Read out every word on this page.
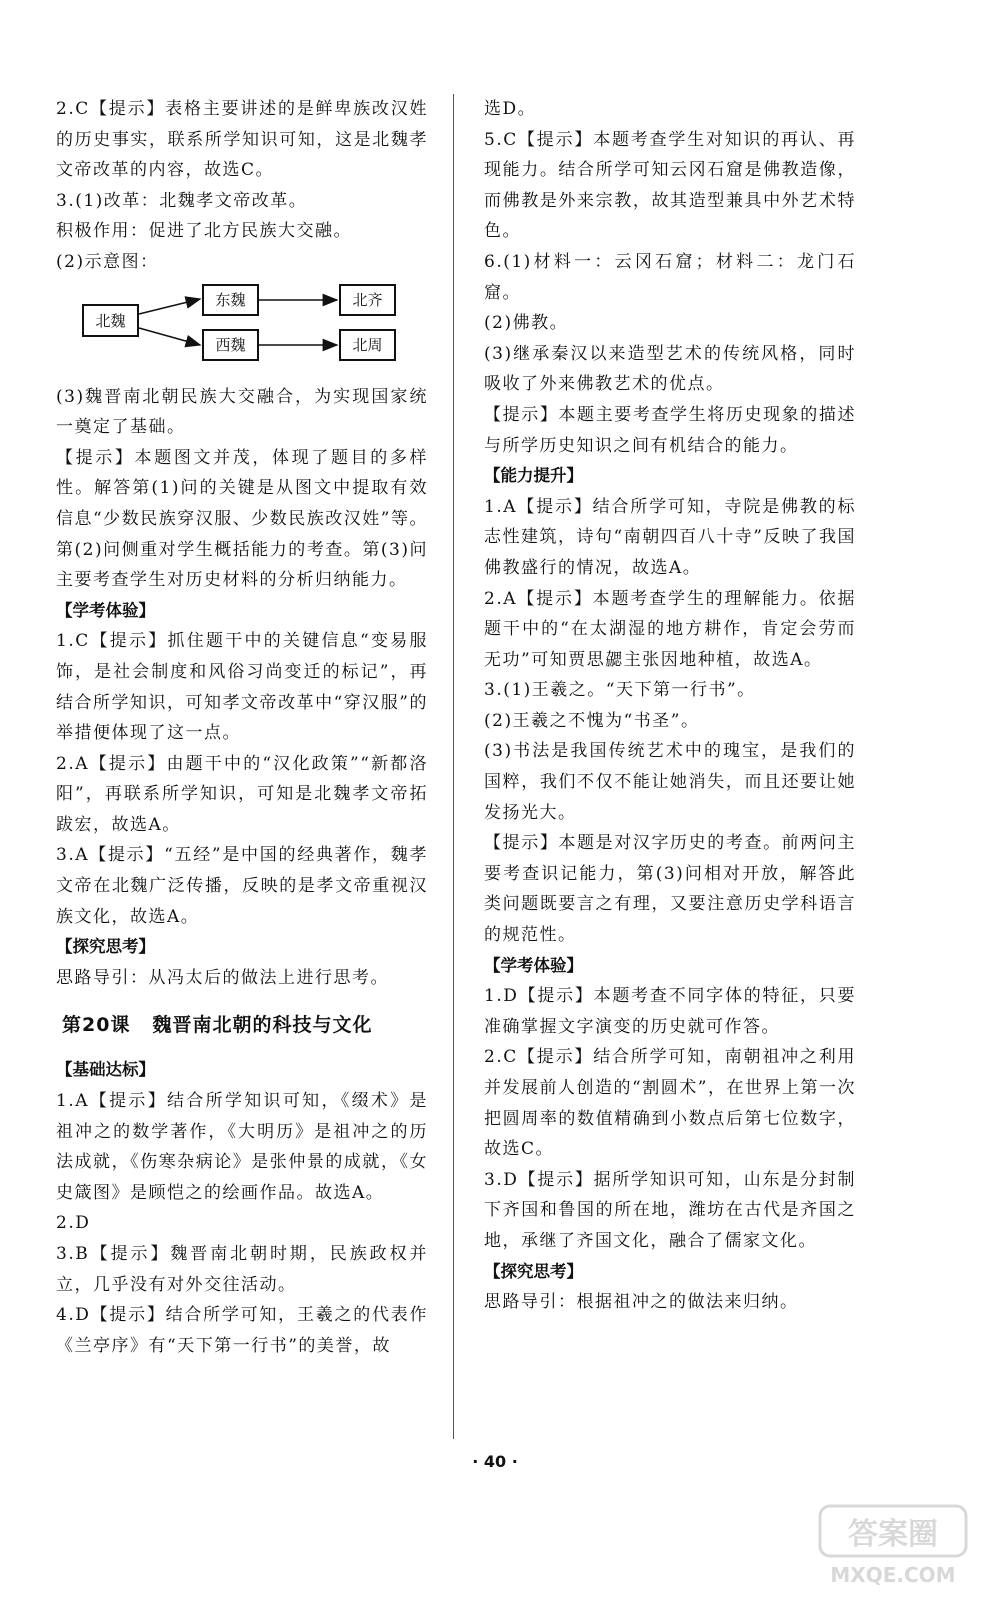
2.C【提示】表格主要讲述的是鲜卑族改汉姓的历史事实，联系所学知识可知，这是北魏孝文帝改革的内容，故选C。

3.(1)改革：北魏孝文帝改革。

积极作用：促进了北方民族大交融。

(2)示意图：

北魏
东魏
西魏
北齐
北周

(3)魏晋南北朝民族大交融合，为实现国家统一奠定了基础。

【提示】本题图文并茂，体现了题目的多样性。解答第(1)问的关键是从图文中提取有效信息“少数民族穿汉服、少数民族改汉姓”等。第(2)问侧重对学生概括能力的考查。第(3)问主要考查学生对历史材料的分析归纳能力。

【学考体验】

1.C【提示】抓住题干中的关键信息“变易服饰，是社会制度和风俗习尚变迁的标记”，再结合所学知识，可知孝文帝改革中“穿汉服”的举措便体现了这一点。

2.A【提示】由题干中的“汉化政策”“新都洛阳”，再联系所学知识，可知是北魏孝文帝拓跋宏，故选A。

3.A【提示】“五经”是中国的经典著作，魏孝文帝在北魏广泛传播，反映的是孝文帝重视汉族文化，故选A。

【探究思考】

思路导引：从冯太后的做法上进行思考。

第20课 魏晋南北朝的科技与文化

【基础达标】

1.A【提示】结合所学知识可知，《缀术》是祖冲之的数学著作，《大明历》是祖冲之的历法成就，《伤寒杂病论》是张仲景的成就，《女史箴图》是顾恺之的绘画作品。故选A。

2.D

3.B【提示】魏晋南北朝时期，民族政权并立，几乎没有对外交往活动。

4.D【提示】结合所学可知，王羲之的代表作《兰亭序》有“天下第一行书”的美誉，故

选D。

5.C【提示】本题考查学生对知识的再认、再现能力。结合所学可知云冈石窟是佛教造像，而佛教是外来宗教，故其造型兼具中外艺术特色。

6.(1)材料一：云冈石窟；材料二：龙门石窟。

(2)佛教。

(3)继承秦汉以来造型艺术的传统风格，同时吸收了外来佛教艺术的优点。

【提示】本题主要考查学生将历史现象的描述与所学历史知识之间有机结合的能力。

【能力提升】

1.A【提示】结合所学可知，寺院是佛教的标志性建筑，诗句“南朝四百八十寺”反映了我国佛教盛行的情况，故选A。

2.A【提示】本题考查学生的理解能力。依据题干中的“在太湖湿的地方耕作，肯定会劳而无功”可知贾思勰主张因地种植，故选A。

3.(1)王羲之。“天下第一行书”。

(2)王羲之不愧为“书圣”。

(3)书法是我国传统艺术中的瑰宝，是我们的国粹，我们不仅不能让她消失，而且还要让她发扬光大。

【提示】本题是对汉字历史的考查。前两问主要考查识记能力，第(3)问相对开放，解答此类问题既要言之有理，又要注意历史学科语言的规范性。

【学考体验】

1.D【提示】本题考查不同字体的特征，只要准确掌握文字演变的历史就可作答。

2.C【提示】结合所学可知，南朝祖冲之利用并发展前人创造的“割圆术”，在世界上第一次把圆周率的数值精确到小数点后第七位数字，故选C。

3.D【提示】据所学知识可知，山东是分封制下齐国和鲁国的所在地，潍坊在古代是齐国之地，承继了齐国文化，融合了儒家文化。

【探究思考】

思路导引：根据祖冲之的做法来归纳。

· 40 ·
答案圈
MXQE.COM
